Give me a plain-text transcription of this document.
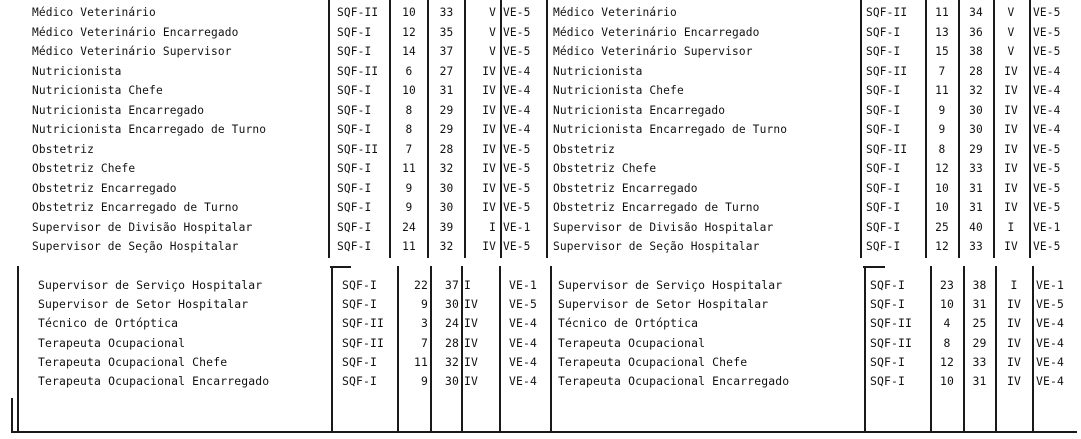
Médico Veterinário	SQF-II	10	33	V VE-5	Médico Veterinário	SQF-II	11	34	V	VE-5
Médico Veterinário Encarregado	SQF-I	12	35	V VE-5	Médico Veterinário Encarregado	SQF-I	13	36	V	VE-5
Médico Veterinário Supervisor	SQF-I	14	37	V VE-5	Médico Veterinário Supervisor	SQF-I	15	38	V	VE-5
Nutricionista	SQF-II	6	27	IV VE-4	Nutricionista	SQF-II	7	28	IV	VE-4
Nutricionista Chefe	SQF-I	10	31	IV VE-4	Nutricionista Chefe	SQF-I	11	32	IV	VE-4
Nutricionista Encarregado	SQF-I	8	29	IV VE-4	Nutricionista Encarregado	SQF-I	9	30	IV	VE-4
Nutricionista Encarregado de Turno	SQF-I	8	29	IV VE-4	Nutricionista Encarregado de Turno	SQF-I	9	30	IV	VE-4
Obstetriz	SQF-II	7	28	IV VE-5	Obstetriz	SQF-II	8	29	IV	VE-5
Obstetriz Chefe	SQF-I	11	32	IV VE-5	Obstetriz Chefe	SQF-I	12	33	IV	VE-5
Obstetriz Encarregado	SQF-I	9	30	IV VE-5	Obstetriz Encarregado	SQF-I	10	31	IV	VE-5
Obstetriz Encarregado de Turno	SQF-I	9	30	IV VE-5	Obstetriz Encarregado de Turno	SQF-I	10	31	IV	VE-5
Supervisor de Divisão Hospitalar	SQF-I	24	39	I VE-1	Supervisor de Divisão Hospitalar	SQF-I	25	40	I	VE-1
Supervisor de Seção Hospitalar	SQF-I	11	32	IV VE-5	Supervisor de Seção Hospitalar	SQF-I	12	33	IV	VE-5
Supervisor de Serviço Hospitalar	SQF-I	22	37 I	VE-1	Supervisor de Serviço Hospitalar	SQF-I	23	38	I	VE-1
Supervisor de Setor Hospitalar	SQF-I	9	30 IV	VE-5	Supervisor de Setor Hospitalar	SQF-I	10	31	IV	VE-5
Técnico de Ortóptica	SQF-II	3	24 IV	VE-4	Técnico de Ortóptica	SQF-II	4	25	IV	VE-4
Terapeuta Ocupacional	SQF-II	7	28 IV	VE-4	Terapeuta Ocupacional	SQF-II	8	29	IV	VE-4
Terapeuta Ocupacional Chefe	SQF-I	11	32 IV	VE-4	Terapeuta Ocupacional Chefe	SQF-I	12	33	IV	VE-4
Terapeuta Ocupacional Encarregado	SQF-I	9	30 IV	VE-4	Terapeuta Ocupacional Encarregado	SQF-I	10	31	IV	VE-4
